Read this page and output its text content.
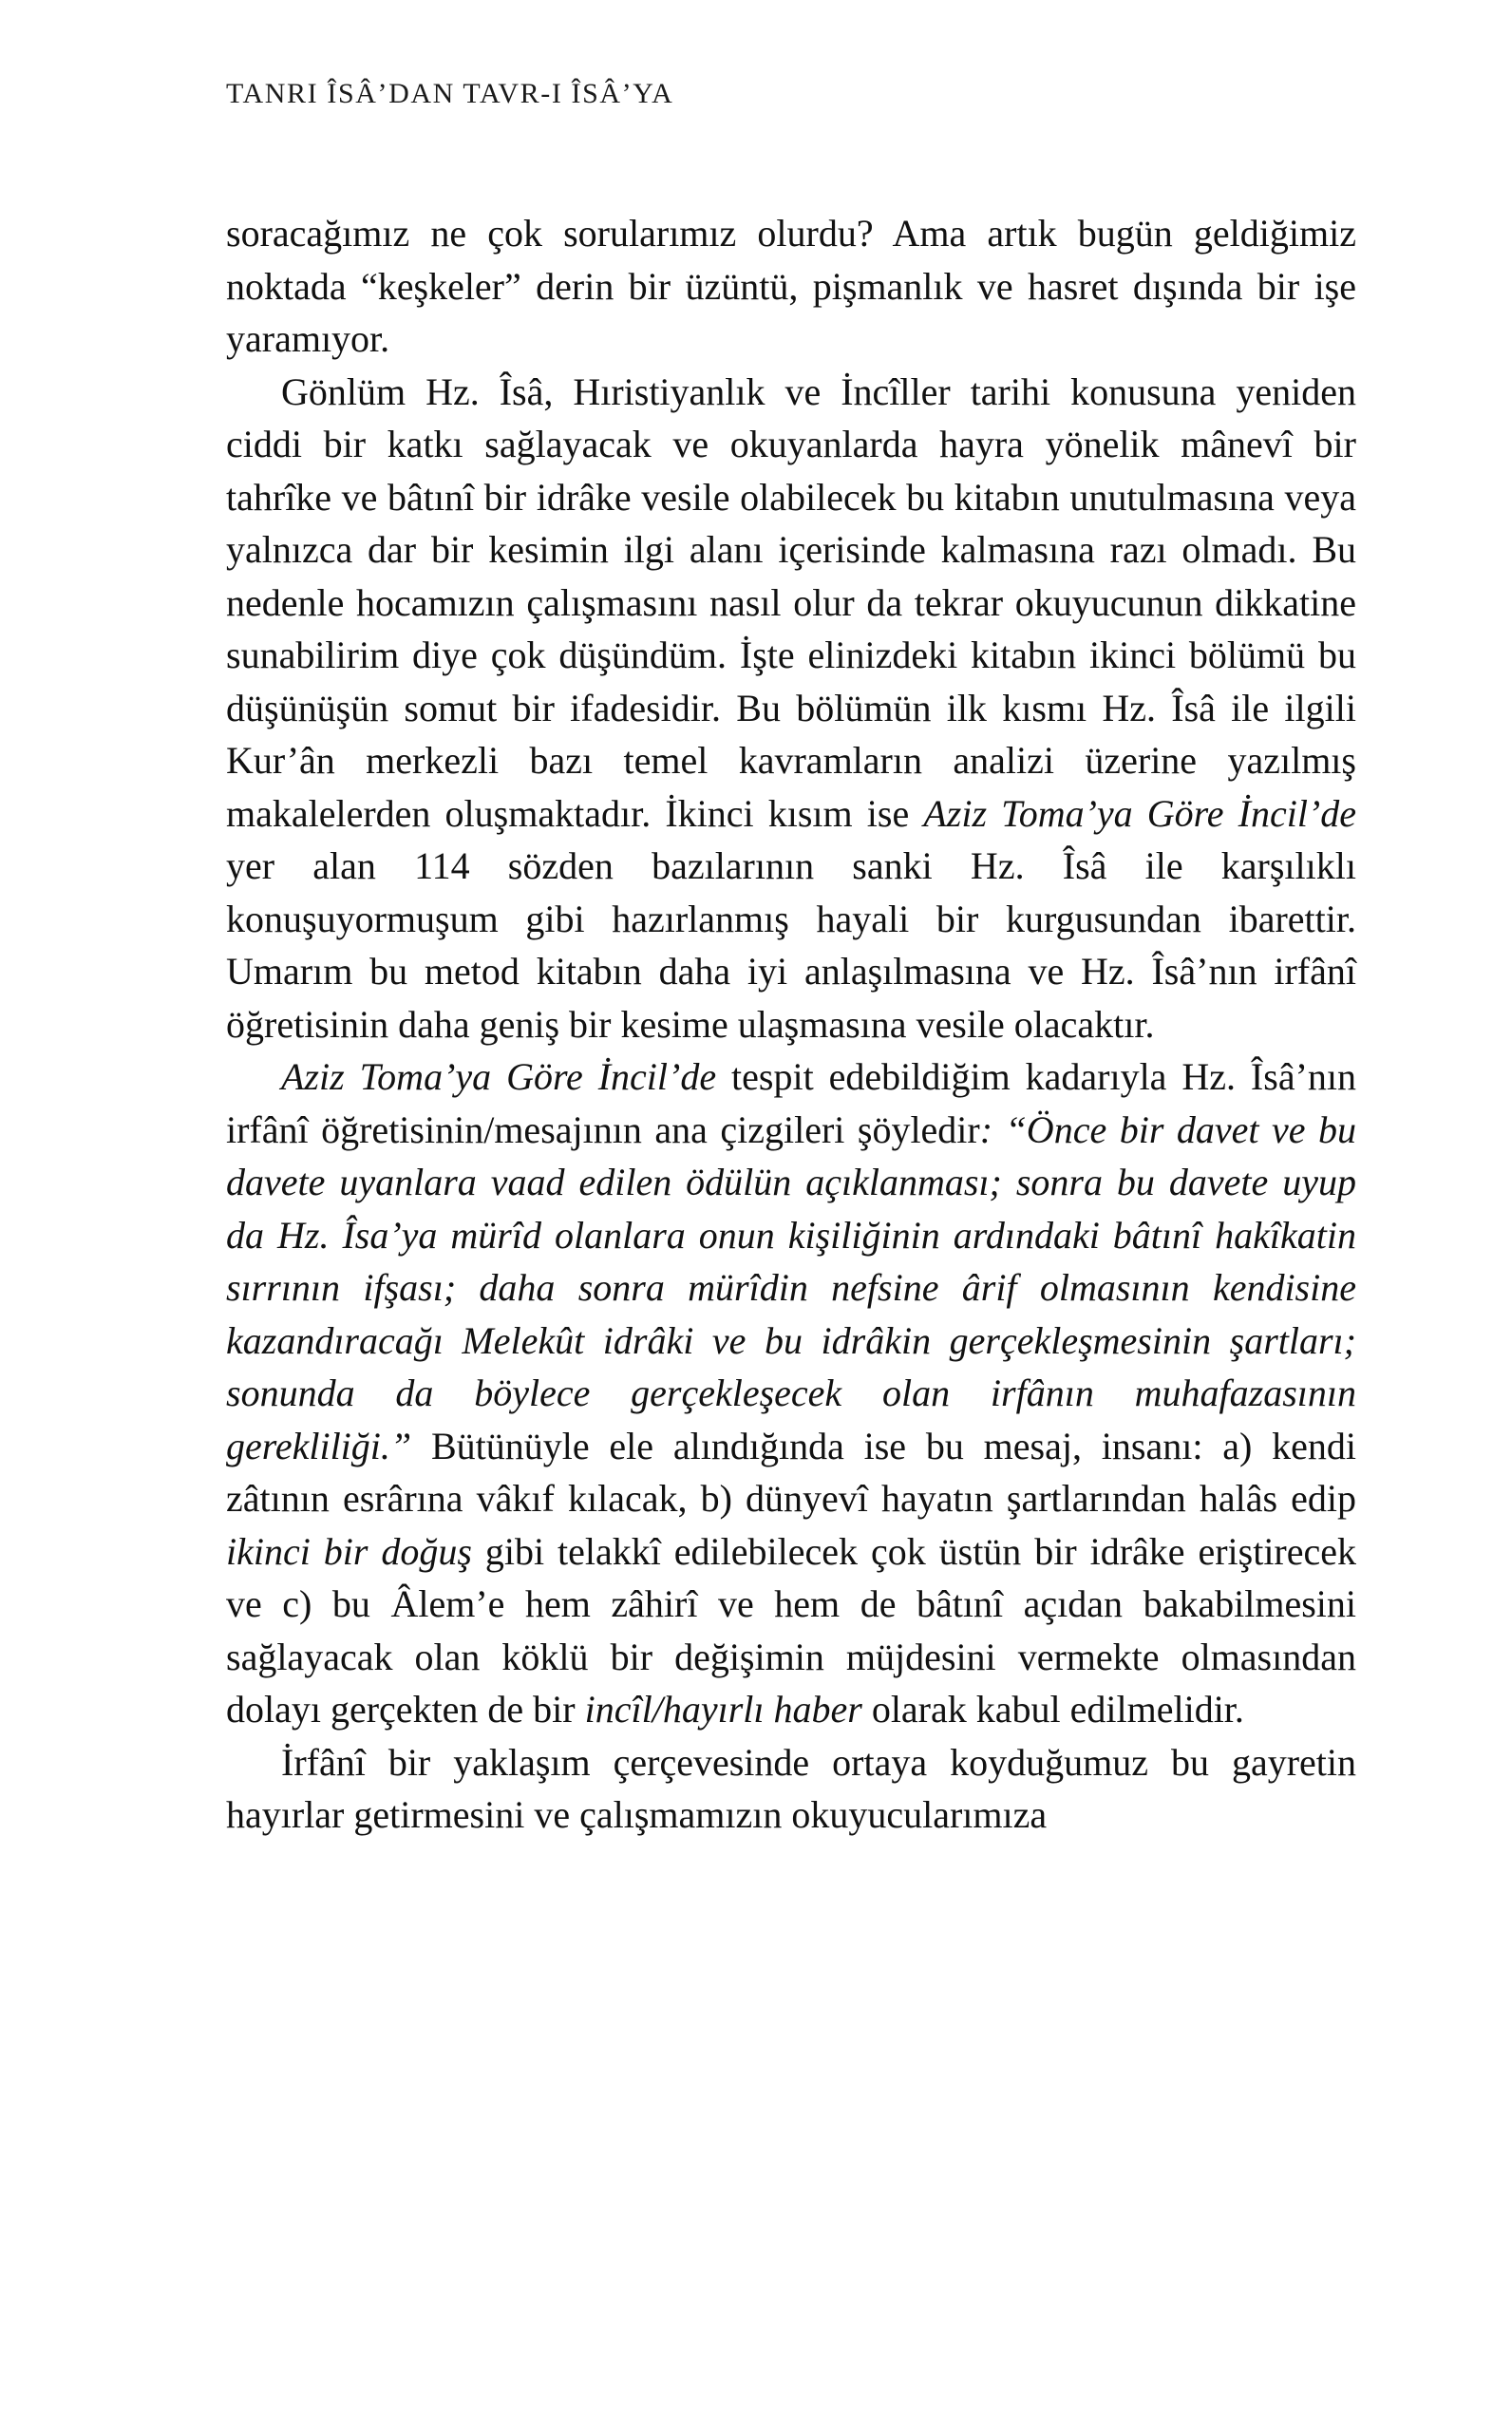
TANRI ÎSÂ’DAN TAVR-I ÎSÂ’YA

soracağımız ne çok sorularımız olurdu? Ama artık bugün geldiğimiz noktada “keşkeler” derin bir üzüntü, pişmanlık ve hasret dışında bir işe yaramıyor.

Gönlüm Hz. Îsâ, Hıristiyanlık ve İncîller tarihi konusuna yeniden ciddi bir katkı sağlayacak ve okuyanlarda hayra yönelik mânevî bir tahrîke ve bâtınî bir idrâke vesile olabilecek bu kitabın unutulmasına veya yalnızca dar bir kesimin ilgi alanı içerisinde kalmasına razı olmadı. Bu nedenle hocamızın çalışmasını nasıl olur da tekrar okuyucunun dikkatine sunabilirim diye çok düşündüm. İşte elinizdeki kitabın ikinci bölümü bu düşünüşün somut bir ifadesidir. Bu bölümün ilk kısmı Hz. Îsâ ile ilgili Kur’ân merkezli bazı temel kavramların analizi üzerine yazılmış makalelerden oluşmaktadır. İkinci kısım ise Aziz Toma’ya Göre İncil’de yer alan 114 sözden bazılarının sanki Hz. Îsâ ile karşılıklı konuşuyormuşum gibi hazırlanmış hayali bir kurgusundan ibarettir. Umarım bu metod kitabın daha iyi anlaşılmasına ve Hz. Îsâ’nın irfânî öğretisinin daha geniş bir kesime ulaşmasına vesile olacaktır.

Aziz Toma’ya Göre İncil’de tespit edebildiğim kadarıyla Hz. Îsâ’nın irfânî öğretisinin/mesajının ana çizgileri şöyledir: “Önce bir davet ve bu davete uyanlara vaad edilen ödülün açıklanması; sonra bu davete uyup da Hz. Îsa’ya mürîd olanlara onun kişiliğinin ardındaki bâtınî hakîkatin sırrının ifşası; daha sonra mürîdin nefsine ârif olmasının kendisine kazandıracağı Melekût idrâki ve bu idrâkin gerçekleşmesinin şartları; sonunda da böylece gerçekleşecek olan irfânın muhafazasının gerekliliği.” Bütünüyle ele alındığında ise bu mesaj, insanı: a) kendi zâtının esrârına vâkıf kılacak, b) dünyevî hayatın şartlarından halâs edip ikinci bir doğuş gibi telakkî edilebilecek çok üstün bir idrâke eriştirecek ve c) bu Âlem’e hem zâhirî ve hem de bâtınî açıdan bakabilmesini sağlayacak olan köklü bir değişimin müjdesini vermekte olmasından dolayı gerçekten de bir incîl/hayırlı haber olarak kabul edilmelidir.

İrfânî bir yaklaşım çerçevesinde ortaya koyduğumuz bu gayretin hayırlar getirmesini ve çalışmamızın okuyucularımıza
